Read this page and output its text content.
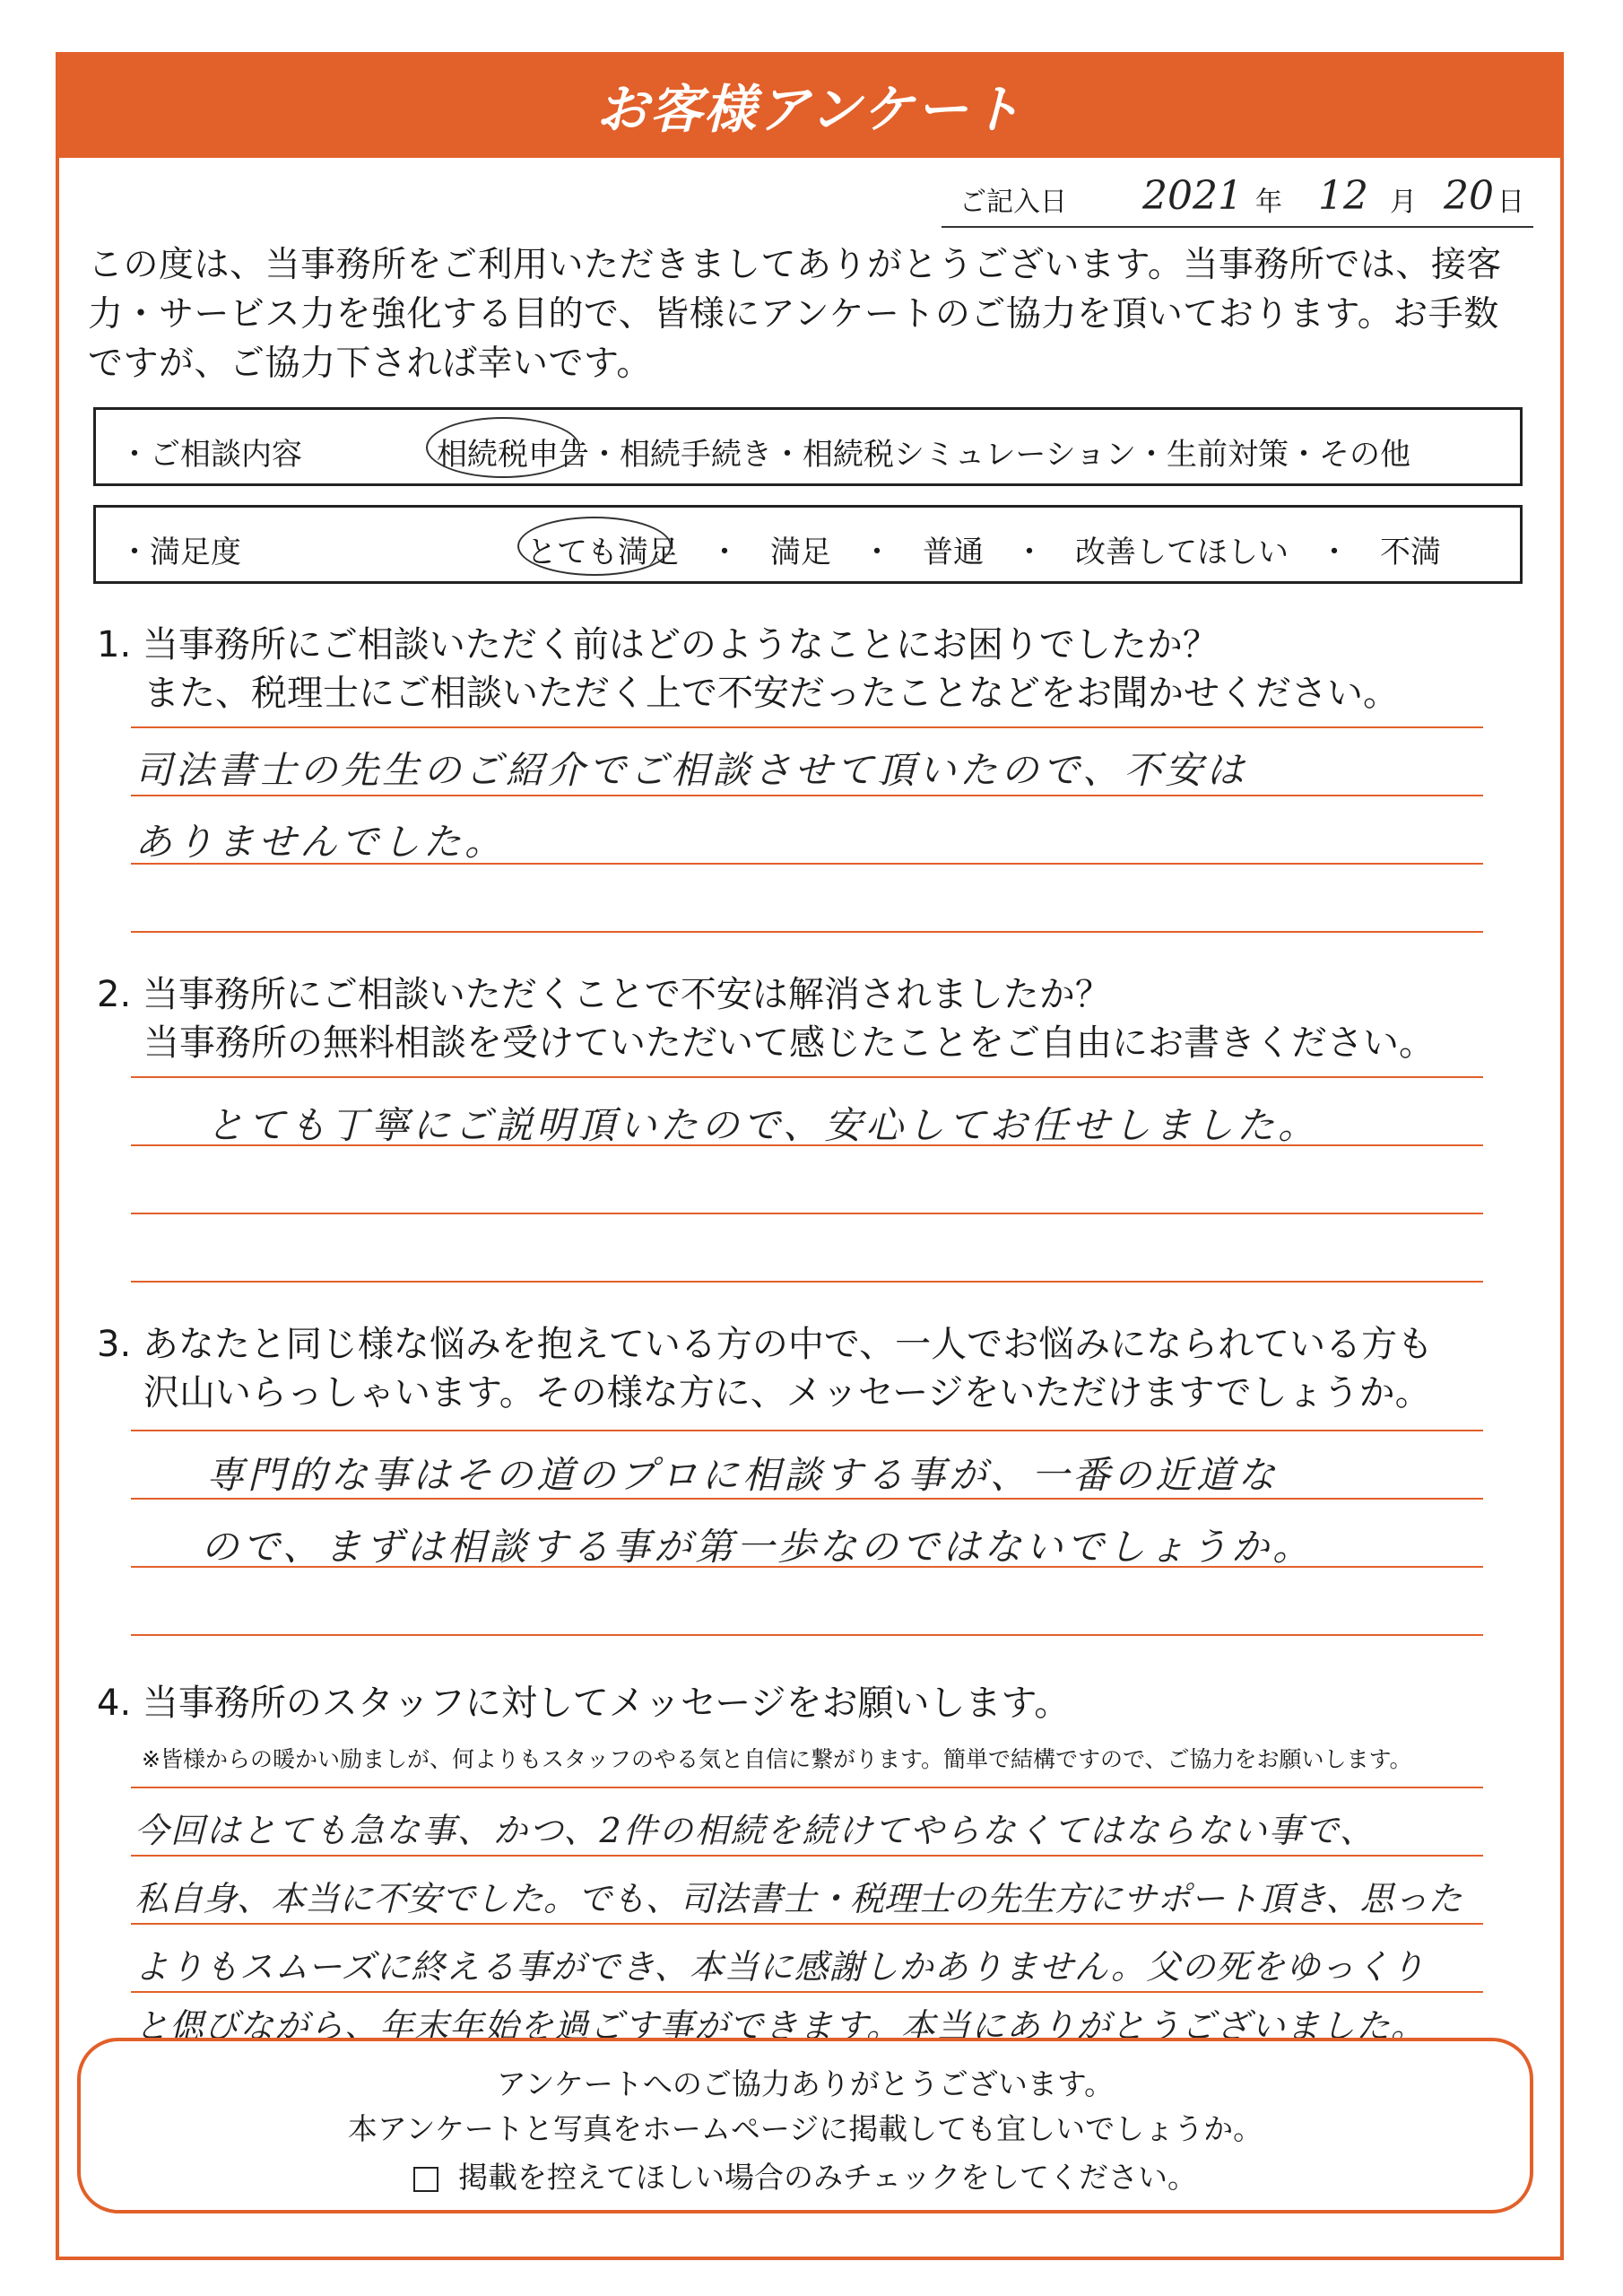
お客様アンケート
ご記入日 2021 年 12 月 20 日
この度は、当事務所をご利用いただきましてありがとうございます。当事務所では、接客
力・サービス力を強化する目的で、皆様にアンケートのご協力を頂いております。お手数
ですが、ご協力下されば幸いです。
・ご相談内容	相続税申告・相続手続き・相続税シミュレーション・生前対策・その他
・満足度	とても満足　・　満足　・　普通　・　改善してほしい　・　不満
1. 当事務所にご相談いただく前はどのようなことにお困りでしたか？
また、税理士にご相談いただく上で不安だったことなどをお聞かせください。
司法書士の先生のご紹介でご相談させて頂いたので、不安は
ありませんでした。
2. 当事務所にご相談いただくことで不安は解消されましたか？
当事務所の無料相談を受けていただいて感じたことをご自由にお書きください。
とても丁寧にご説明頂いたので、安心してお任せしました。
3. あなたと同じ様な悩みを抱えている方の中で、一人でお悩みになられている方も
沢山いらっしゃいます。その様な方に、メッセージをいただけますでしょうか。
専門的な事はその道のプロに相談する事が、一番の近道な
ので、まずは相談する事が第一歩なのではないでしょうか。
4. 当事務所のスタッフに対してメッセージをお願いします。
※皆様からの暖かい励ましが、何よりもスタッフのやる気と自信に繋がります。簡単で結構ですので、ご協力をお願いします。
今回はとても急な事、かつ、2件の相続を続けてやらなくてはならない事で、
私自身、本当に不安でした。でも、司法書士・税理士の先生方にサポート頂き、思った
よりもスムーズに終える事ができ、本当に感謝しかありません。父の死をゆっくり
と偲びながら、年末年始を過ごす事ができます。本当にありがとうございました。
アンケートへのご協力ありがとうございます。
本アンケートと写真をホームページに掲載しても宜しいでしょうか。
掲載を控えてほしい場合のみチェックをしてください。
